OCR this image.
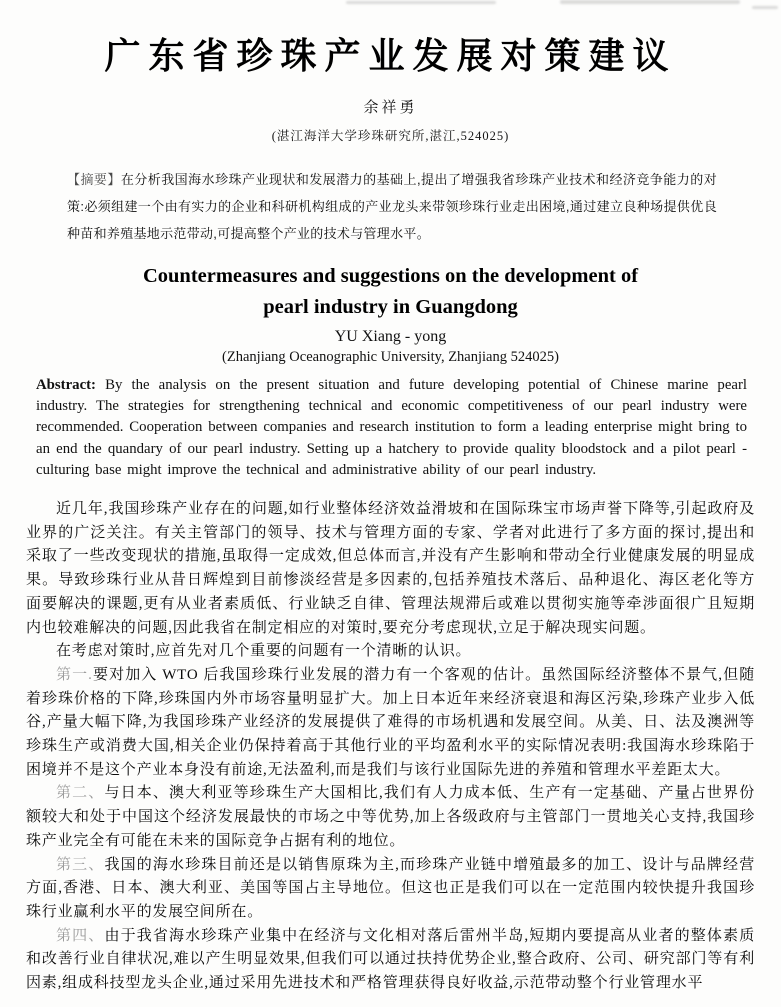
广东省珍珠产业发展对策建议
余祥勇
(湛江海洋大学珍珠研究所,湛江,524025)

【摘要】在分析我国海水珍珠产业现状和发展潜力的基础上,提出了增强我省珍珠产业技术和经济竞争能力的对策:必须组建一个由有实力的企业和科研机构组成的产业龙头来带领珍珠行业走出困境,通过建立良种场提供优良种苗和养殖基地示范带动,可提高整个产业的技术与管理水平。

Countermeasures and suggestions on the development of
pearl industry in Guangdong
YU Xiang - yong
(Zhanjiang Oceanographic University, Zhanjiang 524025)

Abstract: By the analysis on the present situation and future developing potential of Chinese marine pearl industry. The strategies for strengthening technical and economic competitiveness of our pearl industry were recommended. Cooperation between companies and research institution to form a leading enterprise might bring to an end the quandary of our pearl industry. Setting up a hatchery to provide quality bloodstock and a pilot pearl - culturing base might improve the technical and administrative ability of our pearl industry.

近几年,我国珍珠产业存在的问题,如行业整体经济效益滑坡和在国际珠宝市场声誉下降等,引起政府及业界的广泛关注。有关主管部门的领导、技术与管理方面的专家、学者对此进行了多方面的探讨,提出和采取了一些改变现状的措施,虽取得一定成效,但总体而言,并没有产生影响和带动全行业健康发展的明显成果。导致珍珠行业从昔日辉煌到目前惨淡经营是多因素的,包括养殖技术落后、品种退化、海区老化等方面要解决的课题,更有从业者素质低、行业缺乏自律、管理法规滞后或难以贯彻实施等牵涉面很广且短期内也较难解决的问题,因此我省在制定相应的对策时,要充分考虑现状,立足于解决现实问题。

在考虑对策时,应首先对几个重要的问题有一个清晰的认识。

第一.要对加入 WTO 后我国珍珠行业发展的潜力有一个客观的估计。虽然国际经济整体不景气,但随着珍珠价格的下降,珍珠国内外市场容量明显扩大。加上日本近年来经济衰退和海区污染,珍珠产业步入低谷,产量大幅下降,为我国珍珠产业经济的发展提供了难得的市场机遇和发展空间。从美、日、法及澳洲等珍珠生产或消费大国,相关企业仍保持着高于其他行业的平均盈利水平的实际情况表明:我国海水珍珠陷于困境并不是这个产业本身没有前途,无法盈利,而是我们与该行业国际先进的养殖和管理水平差距太大。

第二、与日本、澳大利亚等珍珠生产大国相比,我们有人力成本低、生产有一定基础、产量占世界份额较大和处于中国这个经济发展最快的市场之中等优势,加上各级政府与主管部门一贯地关心支持,我国珍珠产业完全有可能在未来的国际竞争占据有利的地位。

第三、我国的海水珍珠目前还是以销售原珠为主,而珍珠产业链中增殖最多的加工、设计与品牌经营方面,香港、日本、澳大利亚、美国等国占主导地位。但这也正是我们可以在一定范围内较快提升我国珍珠行业赢利水平的发展空间所在。

第四、由于我省海水珍珠产业集中在经济与文化相对落后雷州半岛,短期内要提高从业者的整体素质和改善行业自律状况,难以产生明显效果,但我们可以通过扶持优势企业,整合政府、公司、研究部门等有利因素,组成科技型龙头企业,通过采用先进技术和严格管理获得良好收益,示范带动整个行业管理水平
